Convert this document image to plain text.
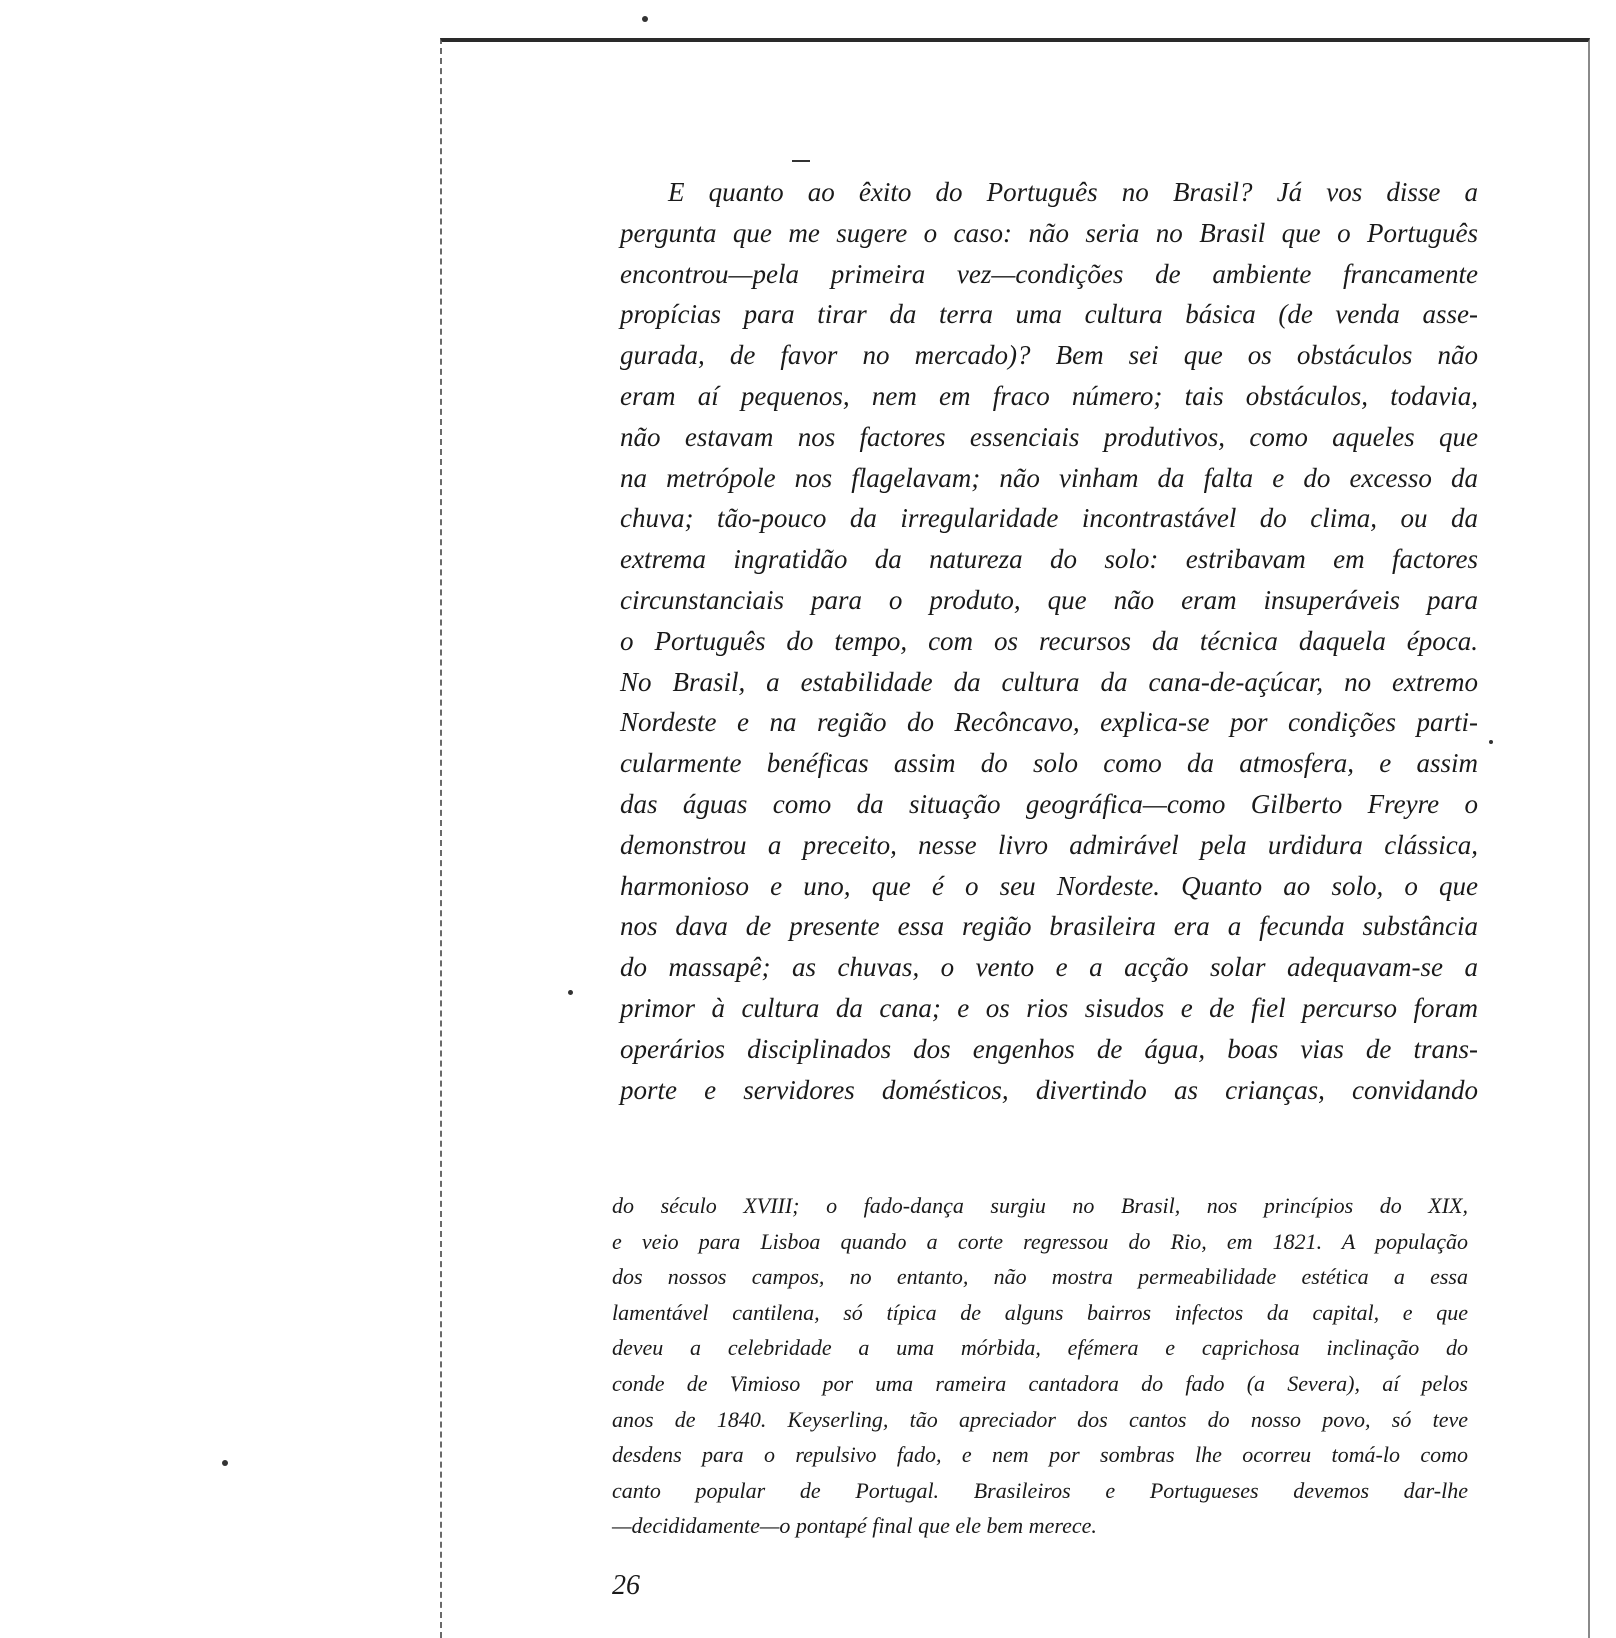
E quanto ao êxito do Português no Brasil? Já vos disse a
pergunta que me sugere o caso: não seria no Brasil que o Português
encontrou—pela primeira vez—condições de ambiente francamente
propícias para tirar da terra uma cultura básica (de venda asse-
gurada, de favor no mercado)? Bem sei que os obstáculos não
eram aí pequenos, nem em fraco número; tais obstáculos, todavia,
não estavam nos factores essenciais produtivos, como aqueles que
na metrópole nos flagelavam; não vinham da falta e do excesso da
chuva; tão-pouco da irregularidade incontrastável do clima, ou da
extrema ingratidão da natureza do solo: estribavam em factores
circunstanciais para o produto, que não eram insuperáveis para
o Português do tempo, com os recursos da técnica daquela época.
No Brasil, a estabilidade da cultura da cana-de-açúcar, no extremo
Nordeste e na região do Recôncavo, explica-se por condições parti-
cularmente benéficas assim do solo como da atmosfera, e assim
das águas como da situação geográfica—como Gilberto Freyre o
demonstrou a preceito, nesse livro admirável pela urdidura clássica,
harmonioso e uno, que é o seu Nordeste. Quanto ao solo, o que
nos dava de presente essa região brasileira era a fecunda substância
do massapê; as chuvas, o vento e a acção solar adequavam-se a
primor à cultura da cana; e os rios sisudos e de fiel percurso foram
operários disciplinados dos engenhos de água, boas vias de trans-
porte e servidores domésticos, divertindo as crianças, convidando
do século XVIII; o fado-dança surgiu no Brasil, nos princípios do XIX,
e veio para Lisboa quando a corte regressou do Rio, em 1821. A população
dos nossos campos, no entanto, não mostra permeabilidade estética a essa
lamentável cantilena, só típica de alguns bairros infectos da capital, e que
deveu a celebridade a uma mórbida, efémera e caprichosa inclinação do
conde de Vimioso por uma rameira cantadora do fado (a Severa), aí pelos
anos de 1840. Keyserling, tão apreciador dos cantos do nosso povo, só teve
desdens para o repulsivo fado, e nem por sombras lhe ocorreu tomá-lo como
canto popular de Portugal. Brasileiros e Portugueses devemos dar-lhe
—decididamente—o pontapé final que ele bem merece.
26
